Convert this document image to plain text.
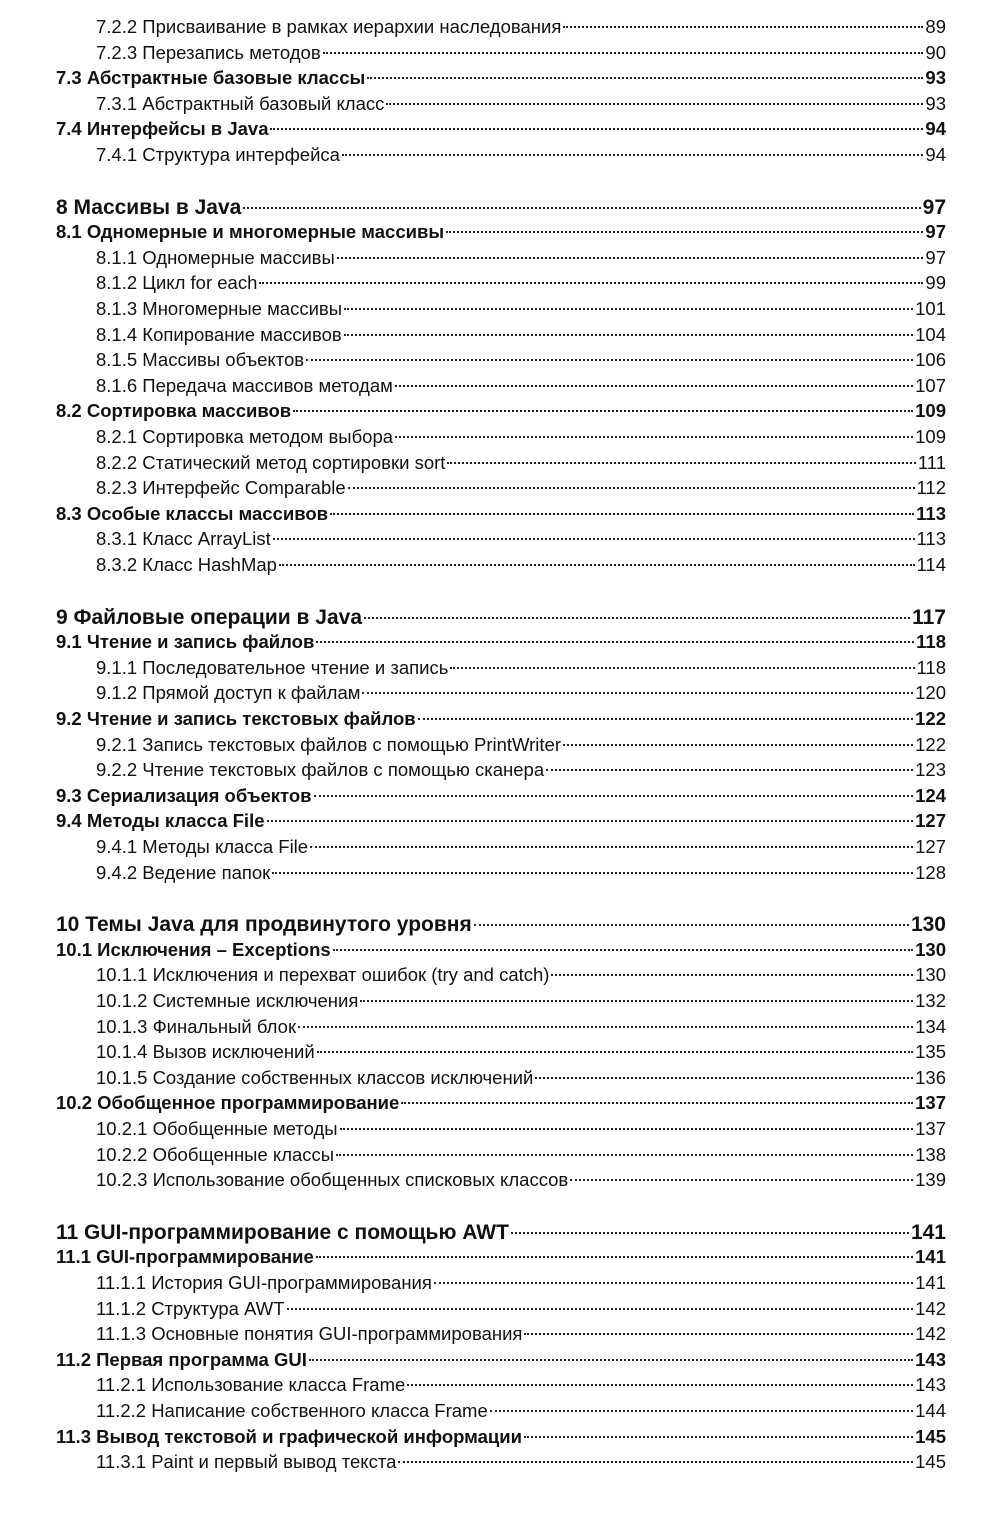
7.2.2 Присваивание в рамках иерархии наследования	89
7.2.3 Перезапись методов	90
7.3 Абстрактные базовые классы	93
7.3.1 Абстрактный базовый класс	93
7.4 Интерфейсы в Java	94
7.4.1 Структура интерфейса	94
8 Массивы в Java	97
8.1 Одномерные и многомерные массивы	97
8.1.1 Одномерные массивы	97
8.1.2 Цикл for each	99
8.1.3 Многомерные массивы	101
8.1.4 Копирование массивов	104
8.1.5 Массивы объектов	106
8.1.6 Передача массивов методам	107
8.2 Сортировка массивов	109
8.2.1 Сортировка методом выбора	109
8.2.2 Статический метод сортировки sort	111
8.2.3 Интерфейс Comparable	112
8.3 Особые классы массивов	113
8.3.1 Класс ArrayList	113
8.3.2 Класс HashMap	114
9 Файловые операции в Java	117
9.1 Чтение и запись файлов	118
9.1.1 Последовательное чтение и запись	118
9.1.2 Прямой доступ к файлам	120
9.2 Чтение и запись текстовых файлов	122
9.2.1 Запись текстовых файлов с помощью PrintWriter	122
9.2.2 Чтение текстовых файлов с помощью сканера	123
9.3 Сериализация объектов	124
9.4 Методы класса File	127
9.4.1 Методы класса File	127
9.4.2 Ведение папок	128
10 Темы Java для продвинутого уровня	130
10.1 Исключения – Exceptions	130
10.1.1 Исключения и перехват ошибок (try and catch)	130
10.1.2 Системные исключения	132
10.1.3 Финальный блок	134
10.1.4 Вызов исключений	135
10.1.5 Создание собственных классов исключений	136
10.2 Обобщенное программирование	137
10.2.1 Обобщенные методы	137
10.2.2 Обобщенные классы	138
10.2.3 Использование обобщенных списковых классов	139
11 GUI-программирование с помощью AWT	141
11.1 GUI-программирование	141
11.1.1 История GUI-программирования	141
11.1.2 Структура AWT	142
11.1.3 Основные понятия GUI-программирования	142
11.2 Первая программа GUI	143
11.2.1 Использование класса Frame	143
11.2.2 Написание собственного класса Frame	144
11.3 Вывод текстовой и графической информации	145
11.3.1 Paint и первый вывод текста	145
